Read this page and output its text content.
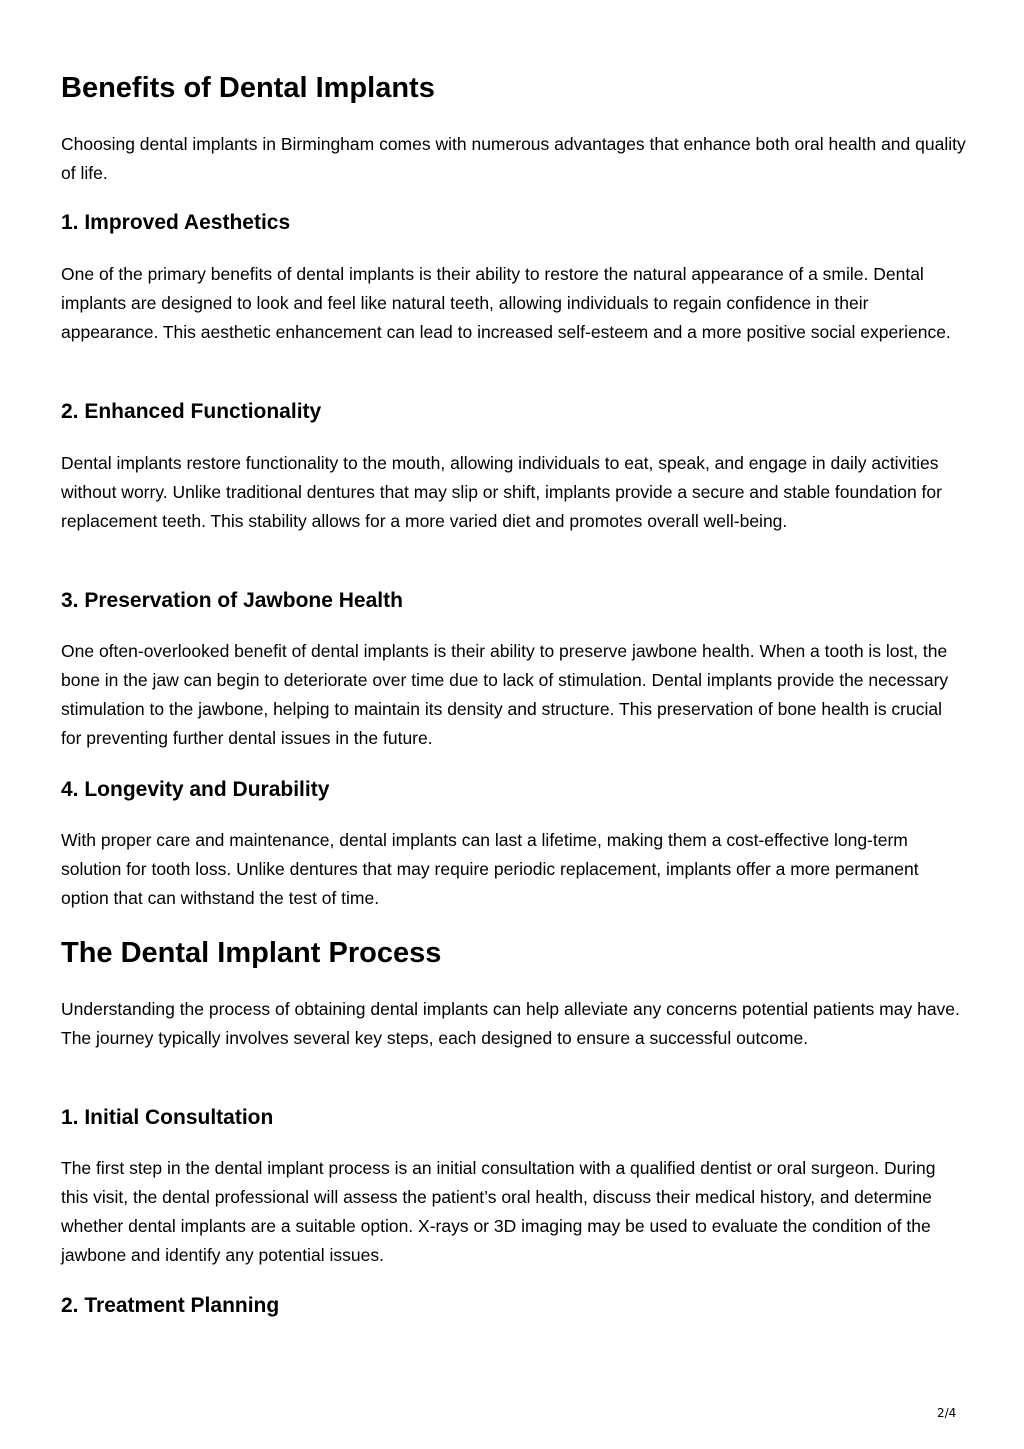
Benefits of Dental Implants

Choosing dental implants in Birmingham comes with numerous advantages that enhance both oral health and quality of life.

1. Improved Aesthetics

One of the primary benefits of dental implants is their ability to restore the natural appearance of a smile. Dental implants are designed to look and feel like natural teeth, allowing individuals to regain confidence in their appearance. This aesthetic enhancement can lead to increased self-esteem and a more positive social experience.

2. Enhanced Functionality

Dental implants restore functionality to the mouth, allowing individuals to eat, speak, and engage in daily activities without worry. Unlike traditional dentures that may slip or shift, implants provide a secure and stable foundation for replacement teeth. This stability allows for a more varied diet and promotes overall well-being.

3. Preservation of Jawbone Health

One often-overlooked benefit of dental implants is their ability to preserve jawbone health. When a tooth is lost, the bone in the jaw can begin to deteriorate over time due to lack of stimulation. Dental implants provide the necessary stimulation to the jawbone, helping to maintain its density and structure. This preservation of bone health is crucial for preventing further dental issues in the future.

4. Longevity and Durability

With proper care and maintenance, dental implants can last a lifetime, making them a cost-effective long-term solution for tooth loss. Unlike dentures that may require periodic replacement, implants offer a more permanent option that can withstand the test of time.

The Dental Implant Process

Understanding the process of obtaining dental implants can help alleviate any concerns potential patients may have. The journey typically involves several key steps, each designed to ensure a successful outcome.

1. Initial Consultation

The first step in the dental implant process is an initial consultation with a qualified dentist or oral surgeon. During this visit, the dental professional will assess the patient’s oral health, discuss their medical history, and determine whether dental implants are a suitable option. X-rays or 3D imaging may be used to evaluate the condition of the jawbone and identify any potential issues.

2. Treatment Planning
2/4
